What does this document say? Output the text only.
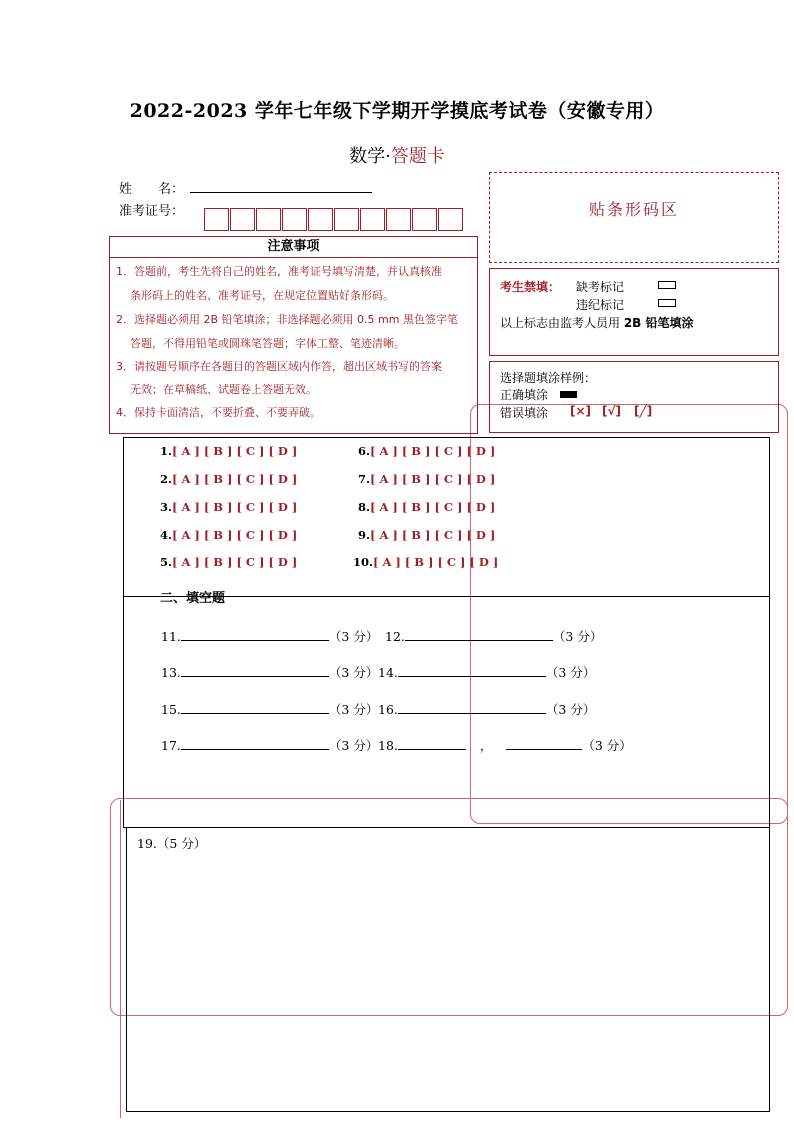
2022-2023 学年七年级下学期开学摸底考试卷（安徽专用）
数学·答题卡
姓　　名：
准考证号：	贴条形码区
注意事项
1．答题前，考生先将自己的姓名，准考证号填写清楚，并认真核准
条形码上的姓名、准考证号，在规定位置贴好条形码。
2．选择题必须用 2B 铅笔填涂；非选择题必须用 0.5 mm 黑色签字笔
答题，不得用铅笔或圆珠笔答题；字体工整、笔迹清晰。
3．请按题号顺序在各题目的答题区域内作答，超出区域书写的答案
无效；在草稿纸、试题卷上答题无效。
4．保持卡面清洁，不要折叠、不要弄破。
考生禁填： 缺考标记
违纪标记
以上标志由监考人员用 2B 铅笔填涂
选择题填涂样例：
正确填涂
错误填涂 [×] [√] [╱]
1.[ A ] [ B ] [ C ] [ D ]
2.[ A ] [ B ] [ C ] [ D ]
3.[ A ] [ B ] [ C ] [ D ]
4.[ A ] [ B ] [ C ] [ D ]
5.[ A ] [ B ] [ C ] [ D ]
6.[ A ] [ B ] [ C ] [ D ]
7.[ A ] [ B ] [ C ] [ D ]
8.[ A ] [ B ] [ C ] [ D ]
9.[ A ] [ B ] [ C ] [ D ]
10.[ A ] [ B ] [ C ] [ D ]
$^{二、填空题}$
11.	（3 分） 12.	（3 分）
13.	（3 分） 14.	（3 分）
15.	（3 分） 16.	（3 分）
17.	（3 分） 18.	，	（3 分）
19.（5 分）
